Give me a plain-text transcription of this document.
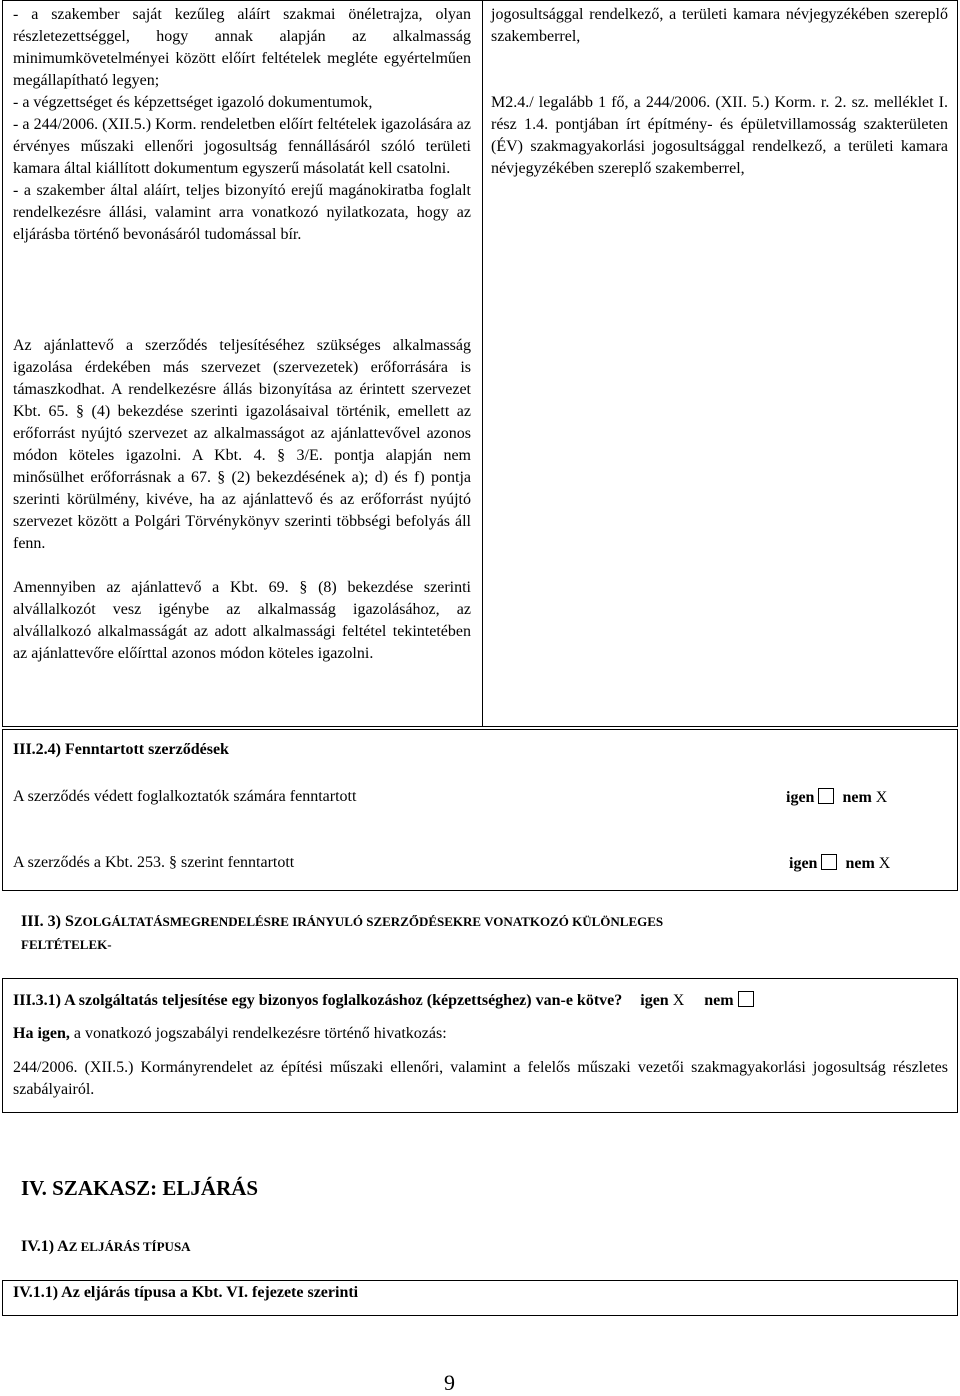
- a szakember saját kezűleg aláírt szakmai önéletrajza, olyan részletezettséggel, hogy annak alapján az alkalmasság minimumkövetelményei között előírt feltételek megléte egyértelműen megállapítható legyen;

- a végzettséget és képzettséget igazoló dokumentumok,

- a 244/2006. (XII.5.) Korm. rendeletben előírt feltételek igazolására az érvényes műszaki ellenőri jogosultság fennállásáról szóló területi kamara által kiállított dokumentum egyszerű másolatát kell csatolni.

- a szakember által aláírt, teljes bizonyító erejű magánokiratba foglalt rendelkezésre állási, valamint arra vonatkozó nyilatkozata, hogy az eljárásba történő bevonásáról tudomással bír.

jogosultsággal rendelkező, a területi kamara névjegyzékében szereplő szakemberrel,

M2.4./ legalább 1 fő, a 244/2006. (XII. 5.) Korm. r. 2. sz. melléklet I. rész 1.4. pontjában írt építmény- és épületvillamosság szakterületen (ÉV) szakmagyakorlási jogosultsággal rendelkező, a területi kamara névjegyzékében szereplő szakemberrel,

Az ajánlattevő a szerződés teljesítéséhez szükséges alkalmasság igazolása érdekében más szervezet (szervezetek) erőforrására is támaszkodhat. A rendelkezésre állás bizonyítása az érintett szervezet Kbt. 65. § (4) bekezdése szerinti igazolásaival történik, emellett az erőforrást nyújtó szervezet az alkalmasságot az ajánlattevővel azonos módon köteles igazolni. A Kbt. 4. § 3/E. pontja alapján nem minősülhet erőforrásnak a 67. § (2) bekezdésének a); d) és f) pontja szerinti körülmény, kivéve, ha az ajánlattevő és az erőforrást nyújtó szervezet között a Polgári Törvénykönyv szerinti többségi befolyás áll fenn.

Amennyiben az ajánlattevő a Kbt. 69. § (8) bekezdése szerinti alvállalkozót vesz igénybe az alkalmasság igazolásához, az alvállalkozó alkalmasságát az adott alkalmassági feltétel tekintetében az ajánlattevőre előírttal azonos módon köteles igazolni.

III.2.4) Fenntartott szerződések
A szerződés védett foglalkoztatók számára fenntartott	igen nem X
A szerződés a Kbt. 253. § szerint fenntartott	igen nem X
III. 3) SZOLGÁLTATÁSMEGRENDELÉSRE IRÁNYULÓ SZERZŐDÉSEKRE VONATKOZÓ KÜLÖNLEGES
FELTÉTELEK-
III.3.1) A szolgáltatás teljesítése egy bizonyos foglalkozáshoz (képzettséghez) van-e kötve? igen X nem
Ha igen, a vonatkozó jogszabályi rendelkezésre történő hivatkozás:

244/2006. (XII.5.) Kormányrendelet az építési műszaki ellenőri, valamint a felelős műszaki vezetői szakmagyakorlási jogosultság részletes szabályairól.

IV. SZAKASZ: ELJÁRÁS
IV.1) AZ ELJÁRÁS TÍPUSA
IV.1.1) Az eljárás típusa a Kbt. VI. fejezete szerinti
9
